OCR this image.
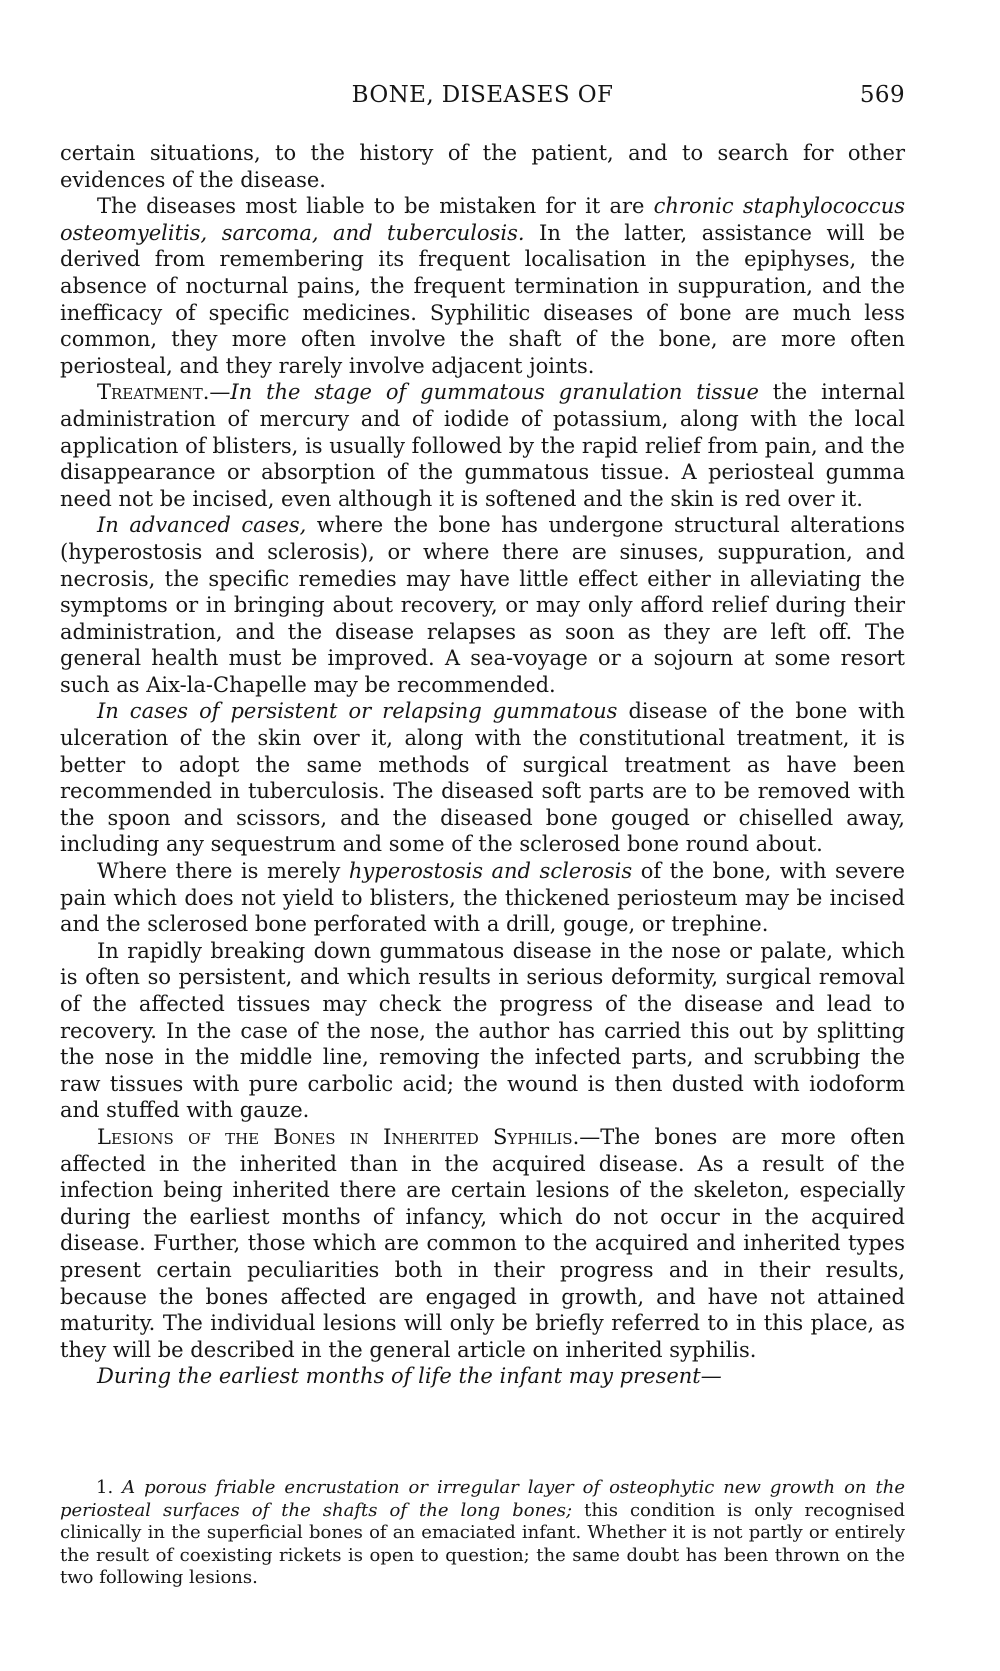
BONE, DISEASES OF	569

certain situations, to the history of the patient, and to search for other evidences of the disease.

The diseases most liable to be mistaken for it are chronic staphylococcus osteomyelitis, sarcoma, and tuberculosis. In the latter, assistance will be derived from remembering its frequent localisation in the epiphyses, the absence of nocturnal pains, the frequent termination in suppuration, and the inefficacy of specific medicines. Syphilitic diseases of bone are much less common, they more often involve the shaft of the bone, are more often periosteal, and they rarely involve adjacent joints.

Treatment.—In the stage of gummatous granulation tissue the internal administration of mercury and of iodide of potassium, along with the local application of blisters, is usually followed by the rapid relief from pain, and the disappearance or absorption of the gummatous tissue. A periosteal gumma need not be incised, even although it is softened and the skin is red over it.

In advanced cases, where the bone has undergone structural alterations (hyperostosis and sclerosis), or where there are sinuses, suppuration, and necrosis, the specific remedies may have little effect either in alleviating the symptoms or in bringing about recovery, or may only afford relief during their administration, and the disease relapses as soon as they are left off. The general health must be improved. A sea-voyage or a sojourn at some resort such as Aix-la-Chapelle may be recommended.

In cases of persistent or relapsing gummatous disease of the bone with ulceration of the skin over it, along with the constitutional treatment, it is better to adopt the same methods of surgical treatment as have been recommended in tuberculosis. The diseased soft parts are to be removed with the spoon and scissors, and the diseased bone gouged or chiselled away, including any sequestrum and some of the sclerosed bone round about.

Where there is merely hyperostosis and sclerosis of the bone, with severe pain which does not yield to blisters, the thickened periosteum may be incised and the sclerosed bone perforated with a drill, gouge, or trephine.

In rapidly breaking down gummatous disease in the nose or palate, which is often so persistent, and which results in serious deformity, surgical removal of the affected tissues may check the progress of the disease and lead to recovery. In the case of the nose, the author has carried this out by splitting the nose in the middle line, removing the infected parts, and scrubbing the raw tissues with pure carbolic acid; the wound is then dusted with iodoform and stuffed with gauze.

Lesions of the Bones in Inherited Syphilis.—The bones are more often affected in the inherited than in the acquired disease. As a result of the infection being inherited there are certain lesions of the skeleton, especially during the earliest months of infancy, which do not occur in the acquired disease. Further, those which are common to the acquired and inherited types present certain peculiarities both in their progress and in their results, because the bones affected are engaged in growth, and have not attained maturity. The individual lesions will only be briefly referred to in this place, as they will be described in the general article on inherited syphilis.

During the earliest months of life the infant may present—

1. A porous friable encrustation or irregular layer of osteophytic new growth on the periosteal surfaces of the shafts of the long bones; this condition is only recognised clinically in the superficial bones of an emaciated infant. Whether it is not partly or entirely the result of coexisting rickets is open to question; the same doubt has been thrown on the two following lesions.
